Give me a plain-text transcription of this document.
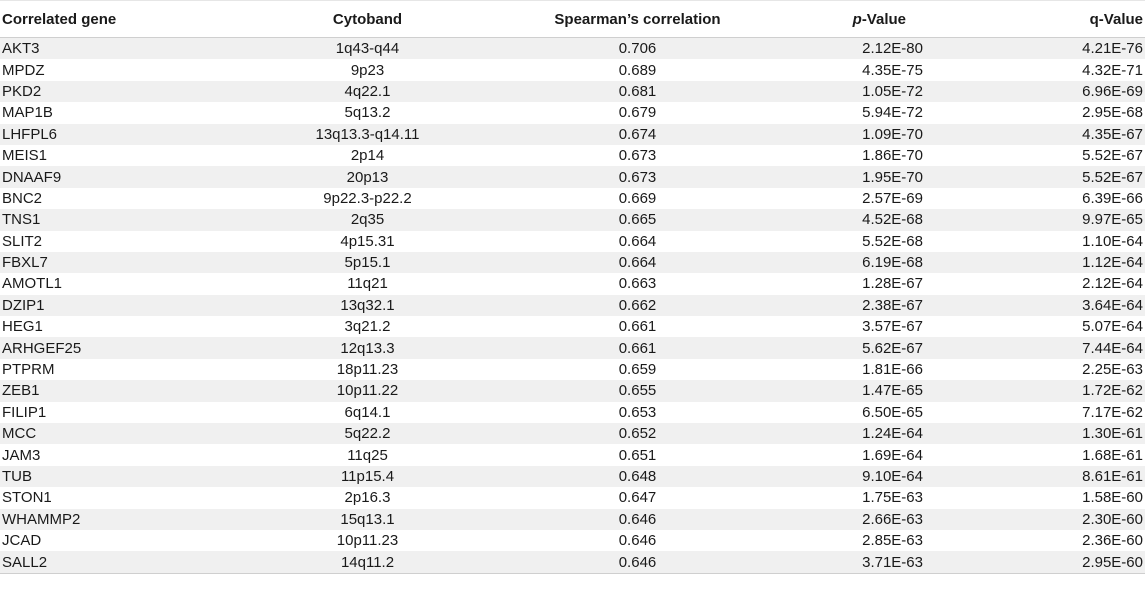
Correlated gene	Cytoband	Spearman’s correlation	p-Value	q-Value
AKT3	1q43-q44	0.706	2.12E-80	4.21E-76
MPDZ	9p23	0.689	4.35E-75	4.32E-71
PKD2	4q22.1	0.681	1.05E-72	6.96E-69
MAP1B	5q13.2	0.679	5.94E-72	2.95E-68
LHFPL6	13q13.3-q14.11	0.674	1.09E-70	4.35E-67
MEIS1	2p14	0.673	1.86E-70	5.52E-67
DNAAF9	20p13	0.673	1.95E-70	5.52E-67
BNC2	9p22.3-p22.2	0.669	2.57E-69	6.39E-66
TNS1	2q35	0.665	4.52E-68	9.97E-65
SLIT2	4p15.31	0.664	5.52E-68	1.10E-64
FBXL7	5p15.1	0.664	6.19E-68	1.12E-64
AMOTL1	11q21	0.663	1.28E-67	2.12E-64
DZIP1	13q32.1	0.662	2.38E-67	3.64E-64
HEG1	3q21.2	0.661	3.57E-67	5.07E-64
ARHGEF25	12q13.3	0.661	5.62E-67	7.44E-64
PTPRM	18p11.23	0.659	1.81E-66	2.25E-63
ZEB1	10p11.22	0.655	1.47E-65	1.72E-62
FILIP1	6q14.1	0.653	6.50E-65	7.17E-62
MCC	5q22.2	0.652	1.24E-64	1.30E-61
JAM3	11q25	0.651	1.69E-64	1.68E-61
TUB	11p15.4	0.648	9.10E-64	8.61E-61
STON1	2p16.3	0.647	1.75E-63	1.58E-60
WHAMMP2	15q13.1	0.646	2.66E-63	2.30E-60
JCAD	10p11.23	0.646	2.85E-63	2.36E-60
SALL2	14q11.2	0.646	3.71E-63	2.95E-60
